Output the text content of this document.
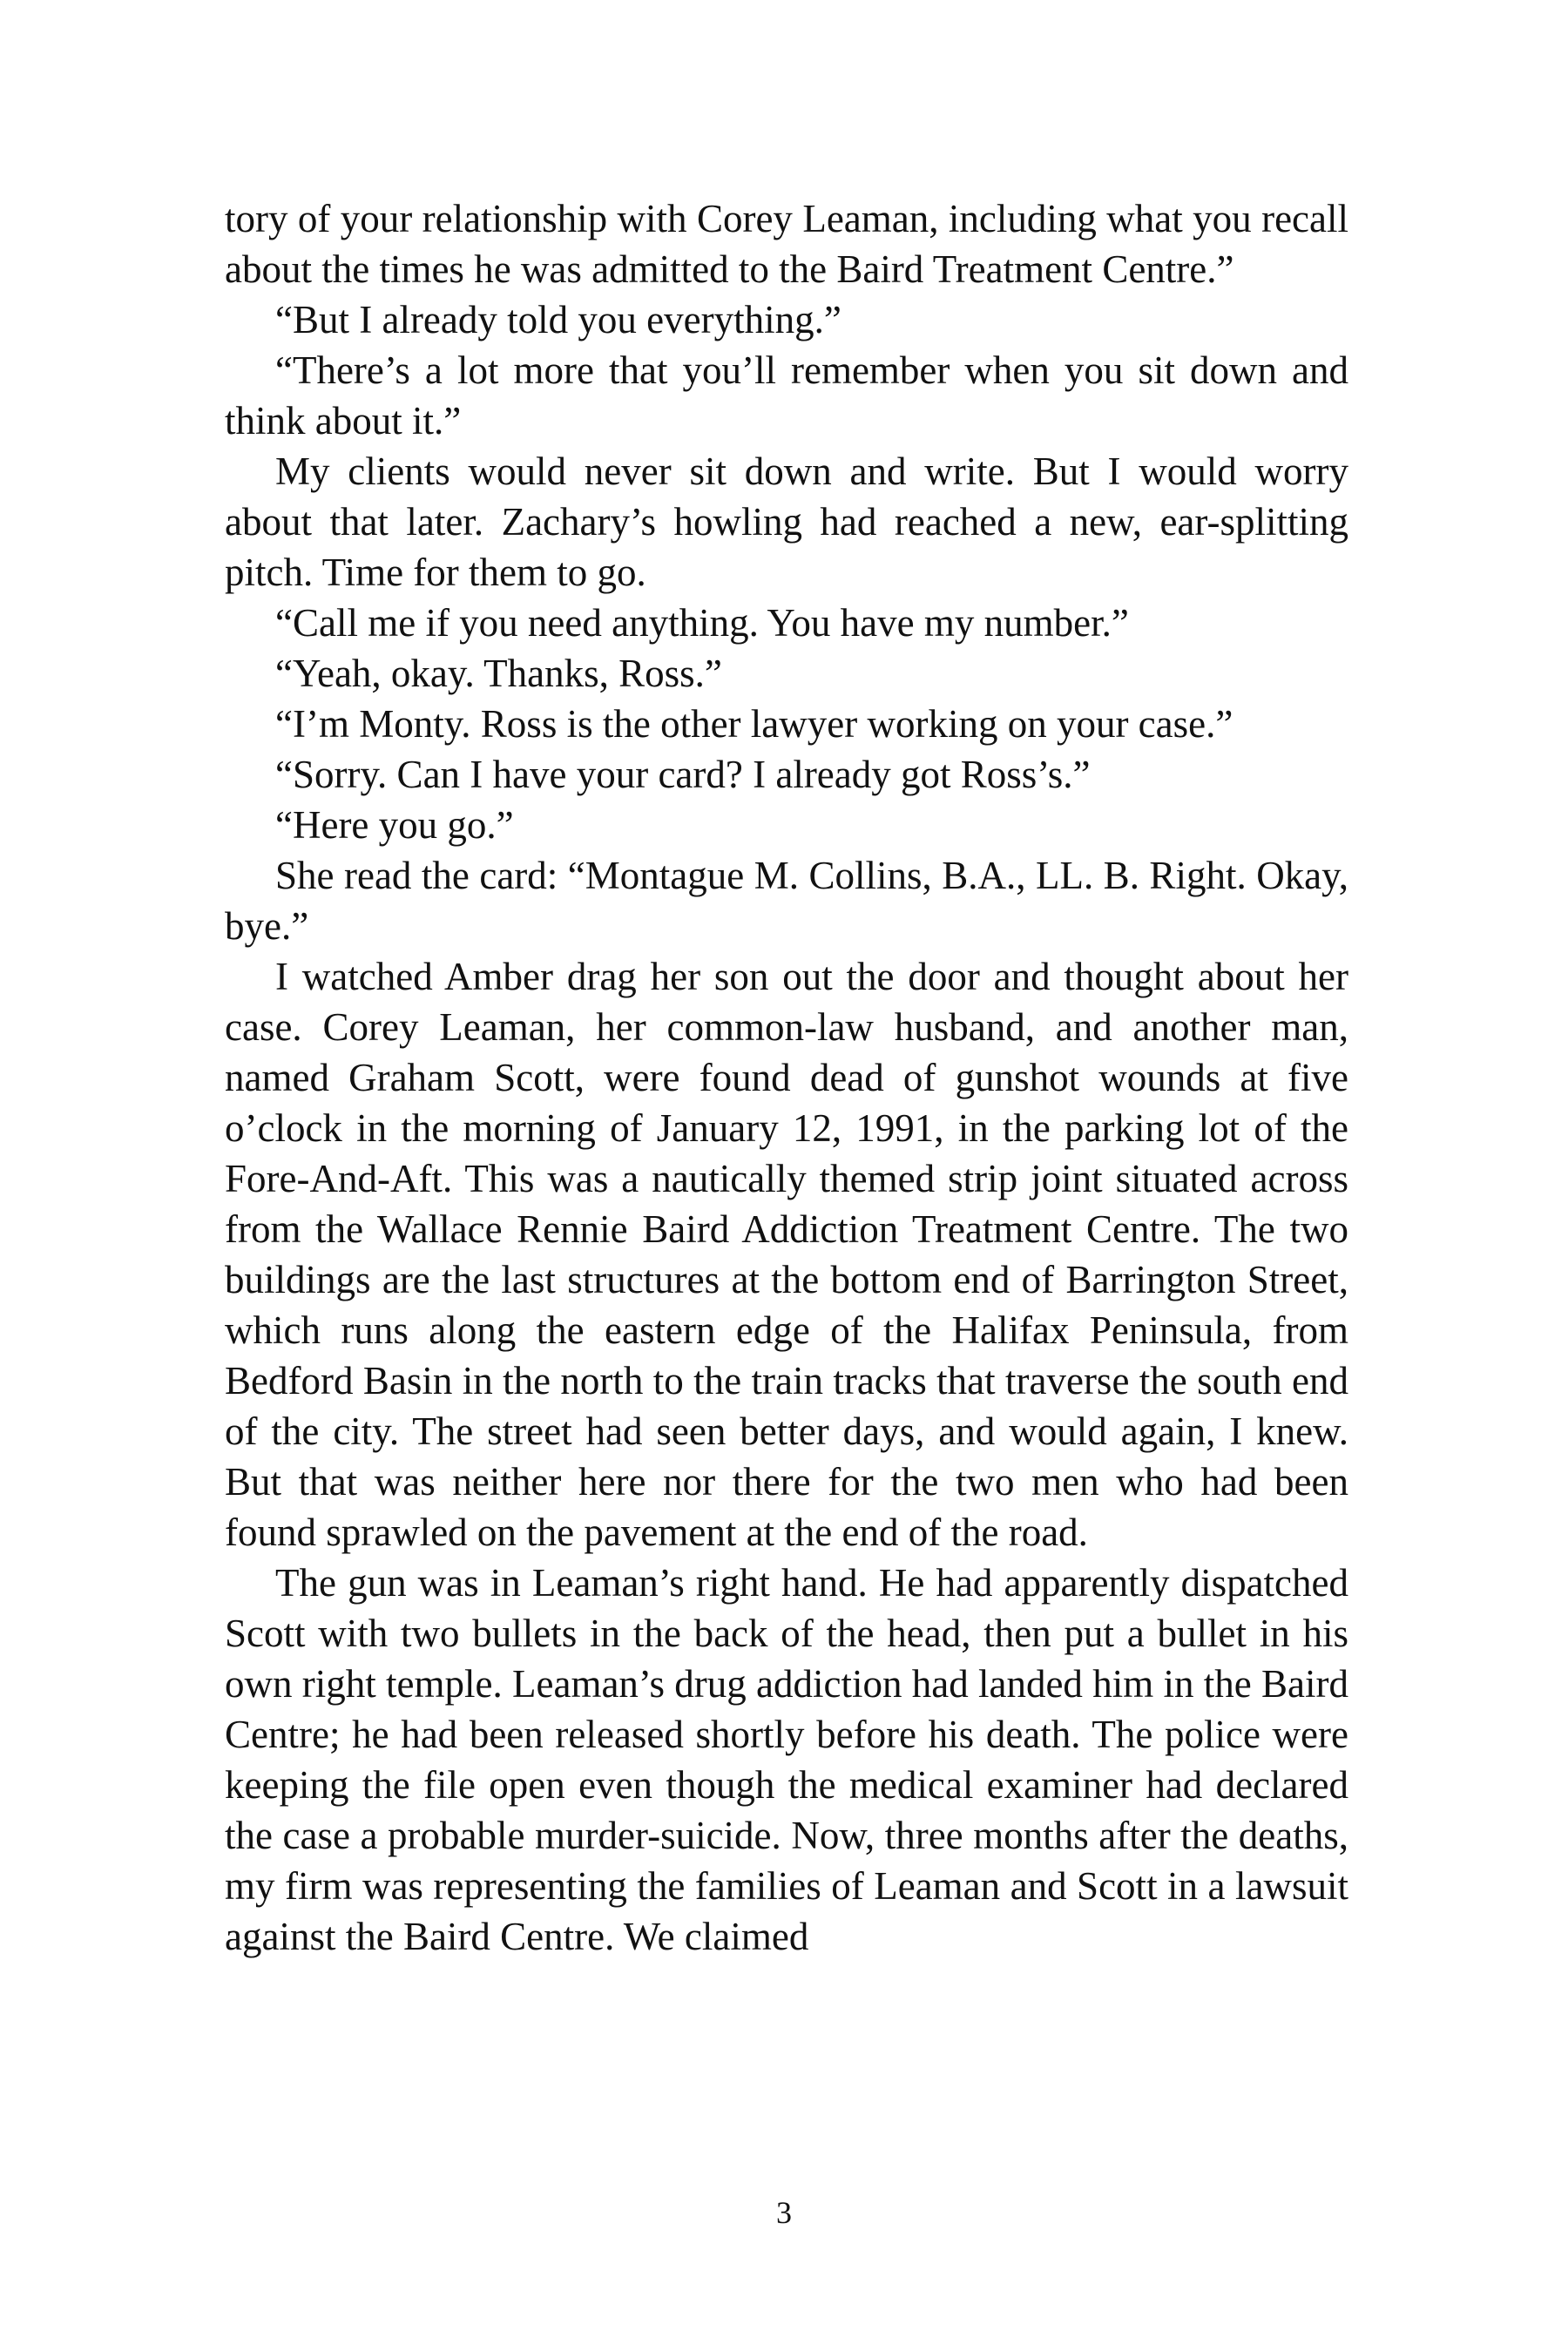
tory of your relationship with Corey Leaman, including what you recall about the times he was admitted to the Baird Treatment Centre.”

“But I already told you everything.”

“There’s a lot more that you’ll remember when you sit down and think about it.”

My clients would never sit down and write. But I would worry about that later. Zachary’s howling had reached a new, ear-splitting pitch. Time for them to go.

“Call me if you need anything. You have my number.”

“Yeah, okay. Thanks, Ross.”

“I’m Monty. Ross is the other lawyer working on your case.”

“Sorry. Can I have your card? I already got Ross’s.”

“Here you go.”

She read the card: “Montague M. Collins, B.A., LL. B. Right. Okay, bye.”

I watched Amber drag her son out the door and thought about her case. Corey Leaman, her common-law husband, and another man, named Graham Scott, were found dead of gunshot wounds at five o’clock in the morning of January 12, 1991, in the parking lot of the Fore-And-Aft. This was a nautically themed strip joint situated across from the Wallace Rennie Baird Addiction Treatment Centre. The two buildings are the last structures at the bottom end of Barrington Street, which runs along the eastern edge of the Halifax Peninsula, from Bedford Basin in the north to the train tracks that traverse the south end of the city. The street had seen better days, and would again, I knew. But that was neither here nor there for the two men who had been found sprawled on the pavement at the end of the road.

The gun was in Leaman’s right hand. He had apparently dispatched Scott with two bullets in the back of the head, then put a bullet in his own right temple. Leaman’s drug addiction had landed him in the Baird Centre; he had been released shortly before his death. The police were keeping the file open even though the medical examiner had declared the case a probable murder-suicide. Now, three months after the deaths, my firm was representing the families of Leaman and Scott in a lawsuit against the Baird Centre. We claimed

3
